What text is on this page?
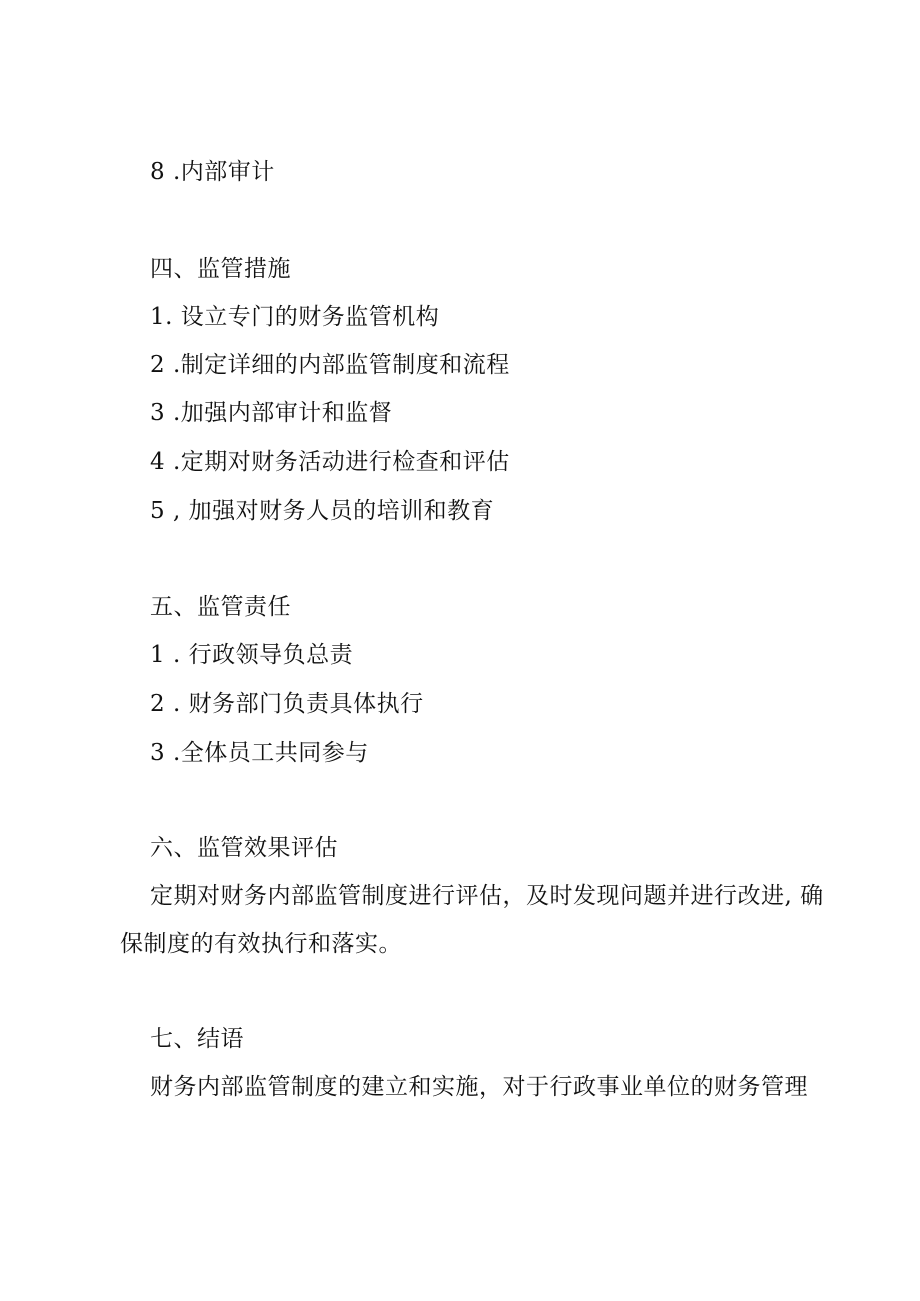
8 .内部审计
四、监管措施
1. 设立专门的财务监管机构
2 .制定详细的内部监管制度和流程
3 .加强内部审计和监督
4 .定期对财务活动进行检查和评估
5 , 加强对财务人员的培训和教育
五、监管责任
1 . 行政领导负总责
2 . 财务部门负责具体执行
3 .全体员工共同参与
六、监管效果评估
定期对财务内部监管制度进行评估，及时发现问题并进行改进, 确
保制度的有效执行和落实。
七、结语
财务内部监管制度的建立和实施，对于行政事业单位的财务管理
